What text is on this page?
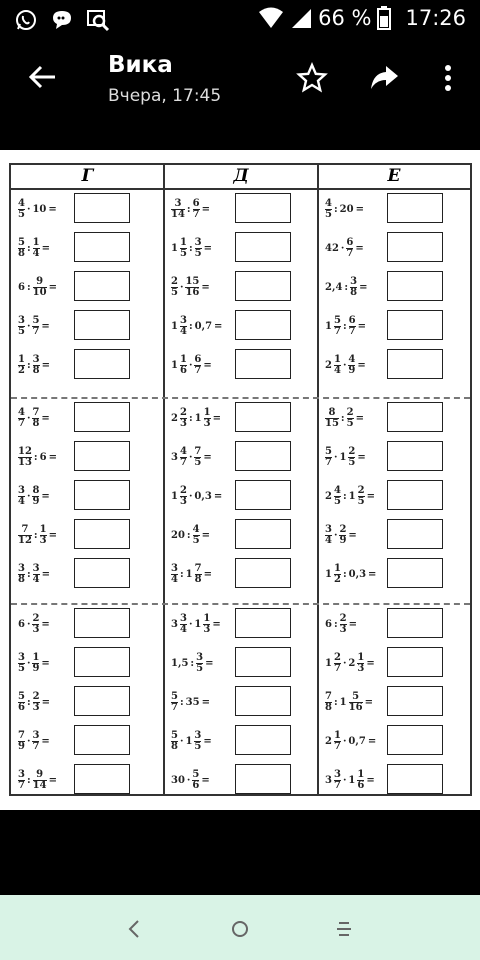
66 % 17:26
Вика
Вчера, 17:45
Г
4
5 · 10 =
5
8 : $\frac{1}{4}$ =
6 : $\frac{9}{10}$ =
3
$5 \cdot \frac{5}{7}$ =
1
2 : $\frac{3}{8}$ =
4
$7 \cdot \frac{7}{8}$ =
12
13 : 6 =
3
$4 \cdot \frac{8}{9}$ =
7
12 : $\frac{1}{3}$ =
3
8 : $\frac{3}{4}$ =
$6 \cdot \frac{2}{3}$ =
3
$5 \cdot \frac{1}{9}$ =
5
6 : $\frac{2}{3}$ =
7
$9 \cdot \frac{3}{7}$ =
3
7 : $\frac{9}{14}$ =
Д
3
14 : $\frac{6}{7}$ =
1
1
5 : $\frac{3}{5}$ =
2
$5 \cdot \frac{15}{16}$ =
1
3
4 : 0,7 =
1
1
$6 \cdot \frac{6}{7}$ =
2
2
3 : $1 \frac{1}{3}$ =
3
4
$7 \cdot \frac{7}{5}$ =
1
2
3 · 0,3 =
20 : $\frac{4}{5}$ =
3
4 : $1 \frac{7}{8}$ =
3
3
$4 \cdot 1 \frac{1}{3}$ =
1,5 : $\frac{3}{5}$ =
5
7 : 35 =
5
$8 \cdot 1 \frac{3}{5}$ =
$30 \cdot \frac{5}{6}$ =
Е
4
5 : 20 =
$42 \cdot \frac{6}{7}$ =
2,4 : $\frac{3}{8}$ =
1
5
7 : $\frac{6}{7}$ =
2
1
$4 \cdot \frac{4}{9}$ =
8
15 : $\frac{2}{5}$ =
5
$7 \cdot 1 \frac{2}{5}$ =
2
4
5 : $1 \frac{2}{5}$ =
3
$4 \cdot \frac{2}{9}$ =
1
1
2 : 0,3 =
6 : $\frac{2}{3}$ =
1
2
$7 \cdot 2 \frac{1}{3}$ =
7
8 : $1 \frac{5}{16}$ =
2
1
7 · 0,7 =
3
3
$7 \cdot 1 \frac{1}{6}$ =
